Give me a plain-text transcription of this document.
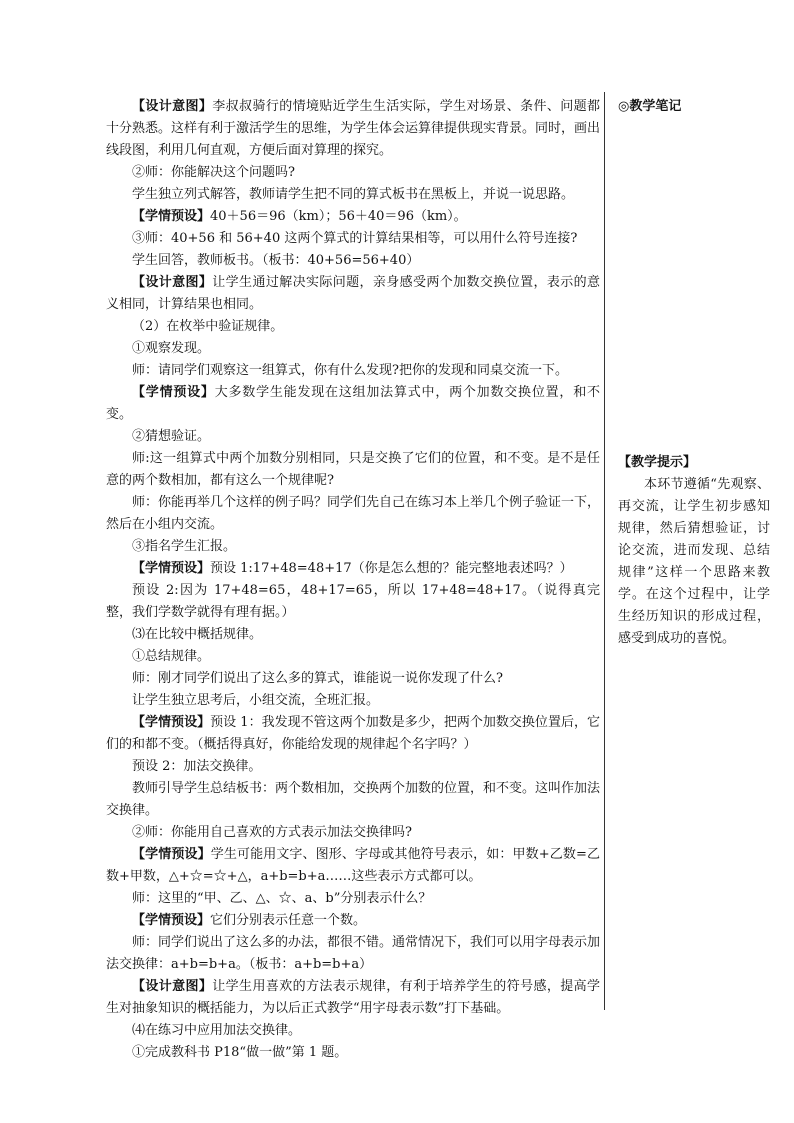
【设计意图】李叔叔骑行的情境贴近学生生活实际，学生对场景、条件、问题都十分熟悉。这样有利于激活学生的思维，为学生体会运算律提供现实背景。同时，画出线段图，利用几何直观，方便后面对算理的探究。

②师：你能解决这个问题吗?

学生独立列式解答，教师请学生把不同的算式板书在黑板上，并说一说思路。

【学情预设】40＋56＝96（km）；56＋40＝96（km）。

③师：40+56 和 56+40 这两个算式的计算结果相等，可以用什么符号连接?

学生回答，教师板书。（板书：40+56=56+40）

【设计意图】让学生通过解决实际问题，亲身感受两个加数交换位置，表示的意义相同，计算结果也相同。

（2）在枚举中验证规律。

①观察发现。

师：请同学们观察这一组算式，你有什么发现?把你的发现和同桌交流一下。

【学情预设】大多数学生能发现在这组加法算式中，两个加数交换位置，和不变。

②猜想验证。

师:这一组算式中两个加数分别相同，只是交换了它们的位置，和不变。是不是任意的两个数相加，都有这么一个规律呢?

师：你能再举几个这样的例子吗？同学们先自己在练习本上举几个例子验证一下，然后在小组内交流。

③指名学生汇报。

【学情预设】预设 1:17+48=48+17（你是怎么想的？能完整地表述吗？）

预设 2:因为 17+48=65，48+17=65，所以 17+48=48+17。（说得真完整，我们学数学就得有理有据。）

⑶在比较中概括规律。

①总结规律。

师：刚才同学们说出了这么多的算式，谁能说一说你发现了什么?

让学生独立思考后，小组交流，全班汇报。

【学情预设】预设 1：我发现不管这两个加数是多少，把两个加数交换位置后，它们的和都不变。（概括得真好，你能给发现的规律起个名字吗？）

预设 2：加法交换律。

教师引导学生总结板书：两个数相加，交换两个加数的位置，和不变。这叫作加法交换律。

②师：你能用自己喜欢的方式表示加法交换律吗?

【学情预设】学生可能用文字、图形、字母或其他符号表示，如：甲数+乙数=乙数+甲数，△+☆=☆+△，a+b=b+a……这些表示方式都可以。

师：这里的“甲、乙、△、☆、a、b”分别表示什么？

【学情预设】它们分别表示任意一个数。

师：同学们说出了这么多的办法，都很不错。通常情况下，我们可以用字母表示加法交换律：a+b=b+a。（板书：a+b=b+a）

【设计意图】让学生用喜欢的方法表示规律，有利于培养学生的符号感，提高学生对抽象知识的概括能力，为以后正式教学“用字母表示数”打下基础。

⑷在练习中应用加法交换律。

①完成教科书 P18“做一做”第 1 题。

◎教学笔记

【教学提示】

本环节遵循“先观察、再交流，让学生初步感知规律，然后猜想验证，讨论交流，进而发现、总结规律”这样一个思路来教学。在这个过程中，让学生经历知识的形成过程，感受到成功的喜悦。
